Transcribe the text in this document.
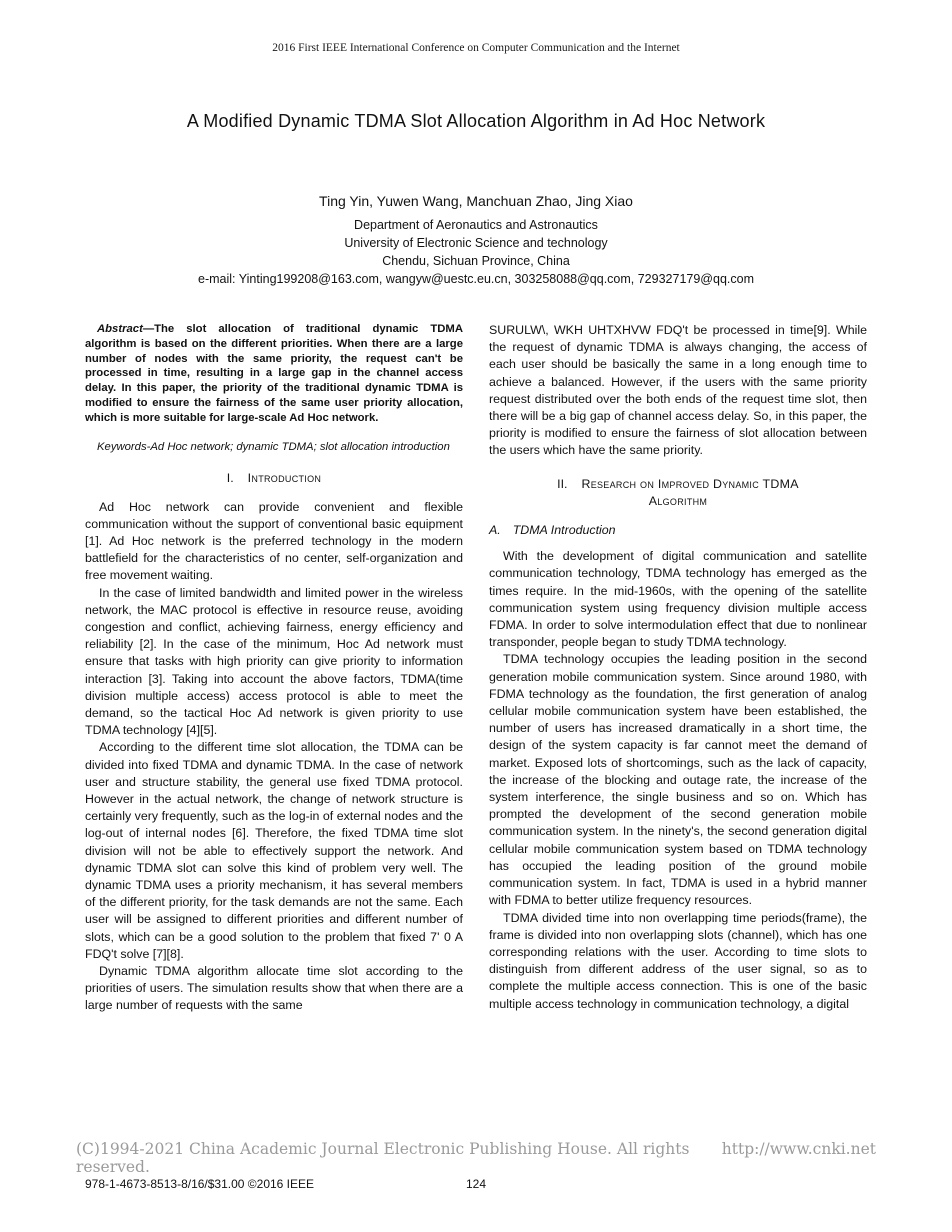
2016 First IEEE International Conference on Computer Communication and the Internet
A Modified Dynamic TDMA Slot Allocation Algorithm in Ad Hoc Network
Ting Yin, Yuwen Wang, Manchuan Zhao, Jing Xiao
Department of Aeronautics and Astronautics
University of Electronic Science and technology
Chendu, Sichuan Province, China
e-mail: Yinting199208@163.com, wangyw@uestc.eu.cn, 303258088@qq.com, 729327179@qq.com

Abstract—The slot allocation of traditional dynamic TDMA algorithm is based on the different priorities. When there are a large number of nodes with the same priority, the request can't be processed in time, resulting in a large gap in the channel access delay. In this paper, the priority of the traditional dynamic TDMA is modified to ensure the fairness of the same user priority allocation, which is more suitable for large-scale Ad Hoc network.

Keywords-Ad Hoc network; dynamic TDMA; slot allocation introduction

I. Introduction

Ad Hoc network can provide convenient and flexible communication without the support of conventional basic equipment [1]. Ad Hoc network is the preferred technology in the modern battlefield for the characteristics of no center, self-organization and free movement waiting.

In the case of limited bandwidth and limited power in the wireless network, the MAC protocol is effective in resource reuse, avoiding congestion and conflict, achieving fairness, energy efficiency and reliability [2]. In the case of the minimum, Hoc Ad network must ensure that tasks with high priority can give priority to information interaction [3]. Taking into account the above factors, TDMA(time division multiple access) access protocol is able to meet the demand, so the tactical Hoc Ad network is given priority to use TDMA technology [4][5].

According to the different time slot allocation, the TDMA can be divided into fixed TDMA and dynamic TDMA. In the case of network user and structure stability, the general use fixed TDMA protocol. However in the actual network, the change of network structure is certainly very frequently, such as the log-in of external nodes and the log-out of internal nodes [6]. Therefore, the fixed TDMA time slot division will not be able to effectively support the network. And dynamic TDMA slot can solve this kind of problem very well. The dynamic TDMA uses a priority mechanism, it has several members of the different priority, for the task demands are not the same. Each user will be assigned to different priorities and different number of slots, which can be a good solution to the problem that fixed 7' 0 A FDQ't solve [7][8].

Dynamic TDMA algorithm allocate time slot according to the priorities of users. The simulation results show that when there are a large number of requests with the same

SURULW\, WKH UHTXHVW FDQ't be processed in time[9]. While the request of dynamic TDMA is always changing, the access of each user should be basically the same in a long enough time to achieve a balanced. However, if the users with the same priority request distributed over the both ends of the request time slot, then there will be a big gap of channel access delay. So, in this paper, the priority is modified to ensure the fairness of slot allocation between the users which have the same priority.

II. Research on Improved Dynamic TDMA
Algorithm
A. TDMA Introduction

With the development of digital communication and satellite communication technology, TDMA technology has emerged as the times require. In the mid-1960s, with the opening of the satellite communication system using frequency division multiple access FDMA. In order to solve intermodulation effect that due to nonlinear transponder, people began to study TDMA technology.

TDMA technology occupies the leading position in the second generation mobile communication system. Since around 1980, with FDMA technology as the foundation, the first generation of analog cellular mobile communication system have been established, the number of users has increased dramatically in a short time, the design of the system capacity is far cannot meet the demand of market. Exposed lots of shortcomings, such as the lack of capacity, the increase of the blocking and outage rate, the increase of the system interference, the single business and so on. Which has prompted the development of the second generation mobile communication system. In the ninety's, the second generation digital cellular mobile communication system based on TDMA technology has occupied the leading position of the ground mobile communication system. In fact, TDMA is used in a hybrid manner with FDMA to better utilize frequency resources.

TDMA divided time into non overlapping time periods(frame), the frame is divided into non overlapping slots (channel), which has one corresponding relations with the user. According to time slots to distinguish from different address of the user signal, so as to complete the multiple access connection. This is one of the basic multiple access technology in communication technology, a digital

(C)1994-2021 China Academic Journal Electronic Publishing House. All rights reserved.
http://www.cnki.net
978-1-4673-8513-8/16/$31.00 ©2016 IEEE	124
